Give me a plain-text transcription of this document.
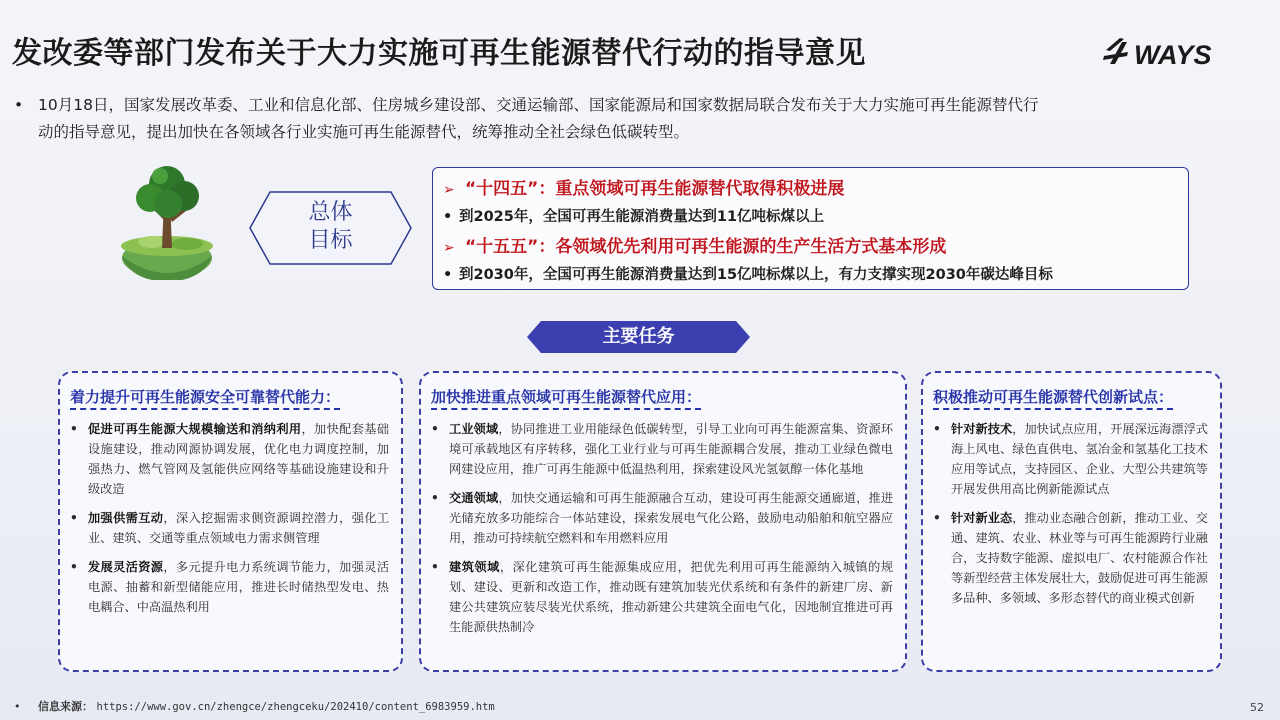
发改委等部门发布关于大力实施可再生能源替代行动的指导意见	WAYS
• 10月18日，国家发展改革委、工业和信息化部、住房城乡建设部、交通运输部、国家能源局和国家数据局联合发布关于大力实施可再生能源替代行
动的指导意见，提出加快在各领域各行业实施可再生能源替代，统筹推动全社会绿色低碳转型。
总体
目标
➢ “十四五”：重点领域可再生能源替代取得积极进展
• 到2025年，全国可再生能源消费量达到11亿吨标煤以上
➢ “十五五”：各领域优先利用可再生能源的生产生活方式基本形成
• 到2030年，全国可再生能源消费量达到15亿吨标煤以上，有力支撑实现2030年碳达峰目标
主要任务
着力提升可再生能源安全可靠替代能力：
• 促进可再生能源大规模输送和消纳利用，加快配套基础设施建设，推动网源协调发展，优化电力调度控制，加强热力、燃气管网及氢能供应网络等基础设施建设和升级改造
• 加强供需互动，深入挖掘需求侧资源调控潜力，强化工业、建筑、交通等重点领域电力需求侧管理
• 发展灵活资源，多元提升电力系统调节能力，加强灵活电源、抽蓄和新型储能应用，推进长时储热型发电、热电耦合、中高温热利用
加快推进重点领域可再生能源替代应用：
• 工业领域，协同推进工业用能绿色低碳转型，引导工业向可再生能源富集、资源环境可承载地区有序转移，强化工业行业与可再生能源耦合发展，推动工业绿色微电网建设应用，推广可再生能源中低温热利用，探索建设风光氢氨醇一体化基地
• 交通领域，加快交通运输和可再生能源融合互动，建设可再生能源交通廊道，推进光储充放多功能综合一体站建设，探索发展电气化公路，鼓励电动船舶和航空器应用，推动可持续航空燃料和车用燃料应用
• 建筑领域，深化建筑可再生能源集成应用，把优先利用可再生能源纳入城镇的规划、建设、更新和改造工作，推动既有建筑加装光伏系统和有条件的新建厂房、新建公共建筑应装尽装光伏系统，推动新建公共建筑全面电气化，因地制宜推进可再生能源供热制冷
积极推动可再生能源替代创新试点：
• 针对新技术，加快试点应用，开展深远海漂浮式海上风电、绿色直供电、氢冶金和氢基化工技术应用等试点，支持园区、企业、大型公共建筑等开展发供用高比例新能源试点
• 针对新业态，推动业态融合创新，推动工业、交通、建筑、农业、林业等与可再生能源跨行业融合，支持数字能源、虚拟电厂、农村能源合作社等新型经营主体发展壮大，鼓励促进可再生能源多品种、多领域、多形态替代的商业模式创新
• 信息来源： https://www.gov.cn/zhengce/zhengceku/202410/content_6983959.htm	52
